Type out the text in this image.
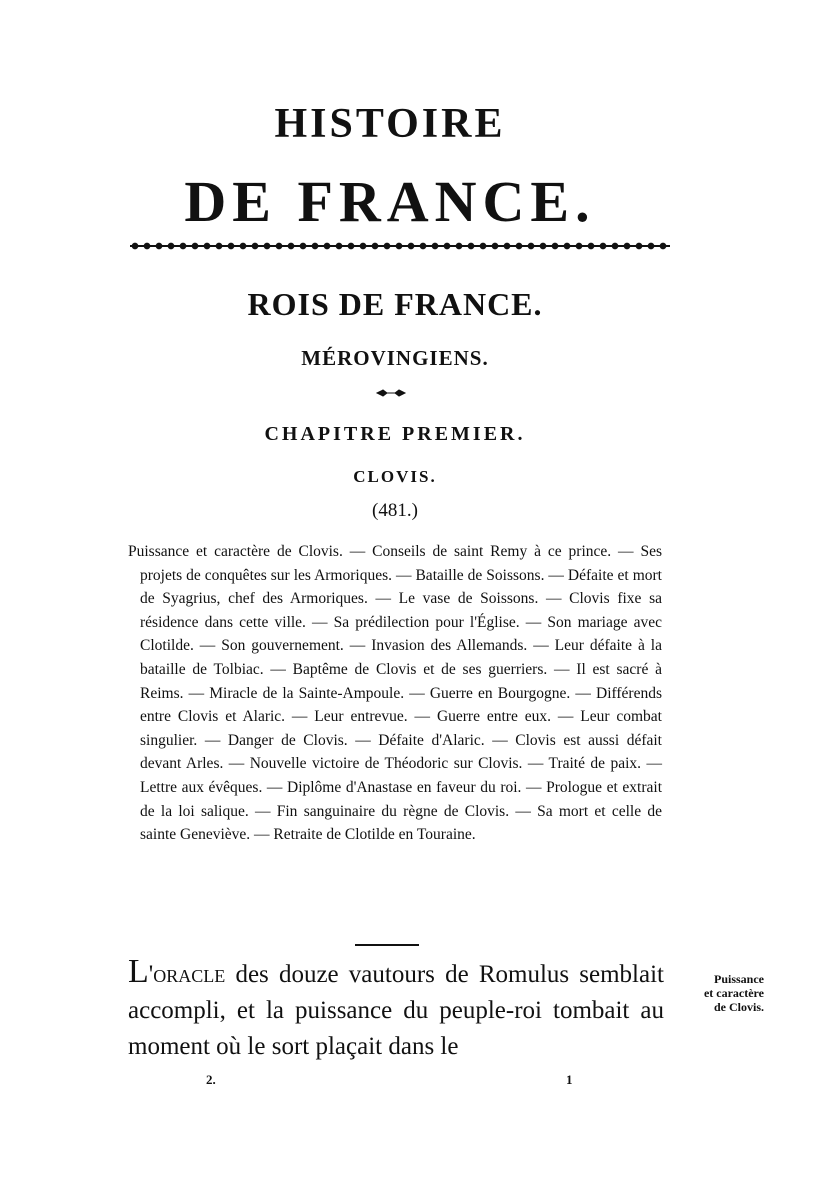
HISTOIRE
DE FRANCE.
ROIS DE FRANCE.
MÉROVINGIENS.
CHAPITRE PREMIER.
CLOVIS.
(481.)
Puissance et caractère de Clovis. — Conseils de saint Remy à ce prince. — Ses projets de conquêtes sur les Armoriques. — Bataille de Soissons. — Défaite et mort de Syagrius, chef des Armoriques. — Le vase de Soissons. — Clovis fixe sa résidence dans cette ville. — Sa prédilection pour l'Église. — Son mariage avec Clotilde. — Son gouvernement. — Invasion des Allemands. — Leur défaite à la bataille de Tolbiac. — Baptême de Clovis et de ses guerriers. — Il est sacré à Reims. — Miracle de la Sainte-Ampoule. — Guerre en Bourgogne. — Différends entre Clovis et Alaric. — Leur entrevue. — Guerre entre eux. — Leur combat singulier. — Danger de Clovis. — Défaite d'Alaric. — Clovis est aussi défait devant Arles. — Nouvelle victoire de Théodoric sur Clovis. — Traité de paix. — Lettre aux évêques. — Diplôme d'Anastase en faveur du roi. — Prologue et extrait de la loi salique. — Fin sanguinaire du règne de Clovis. — Sa mort et celle de sainte Geneviève. — Retraite de Clotilde en Touraine.
L'oracle des douze vautours de Romulus semblait accompli, et la puissance du peuple-roi tombait au moment où le sort plaçait dans le
Puissance
et caractère
de Clovis.
2.	1
